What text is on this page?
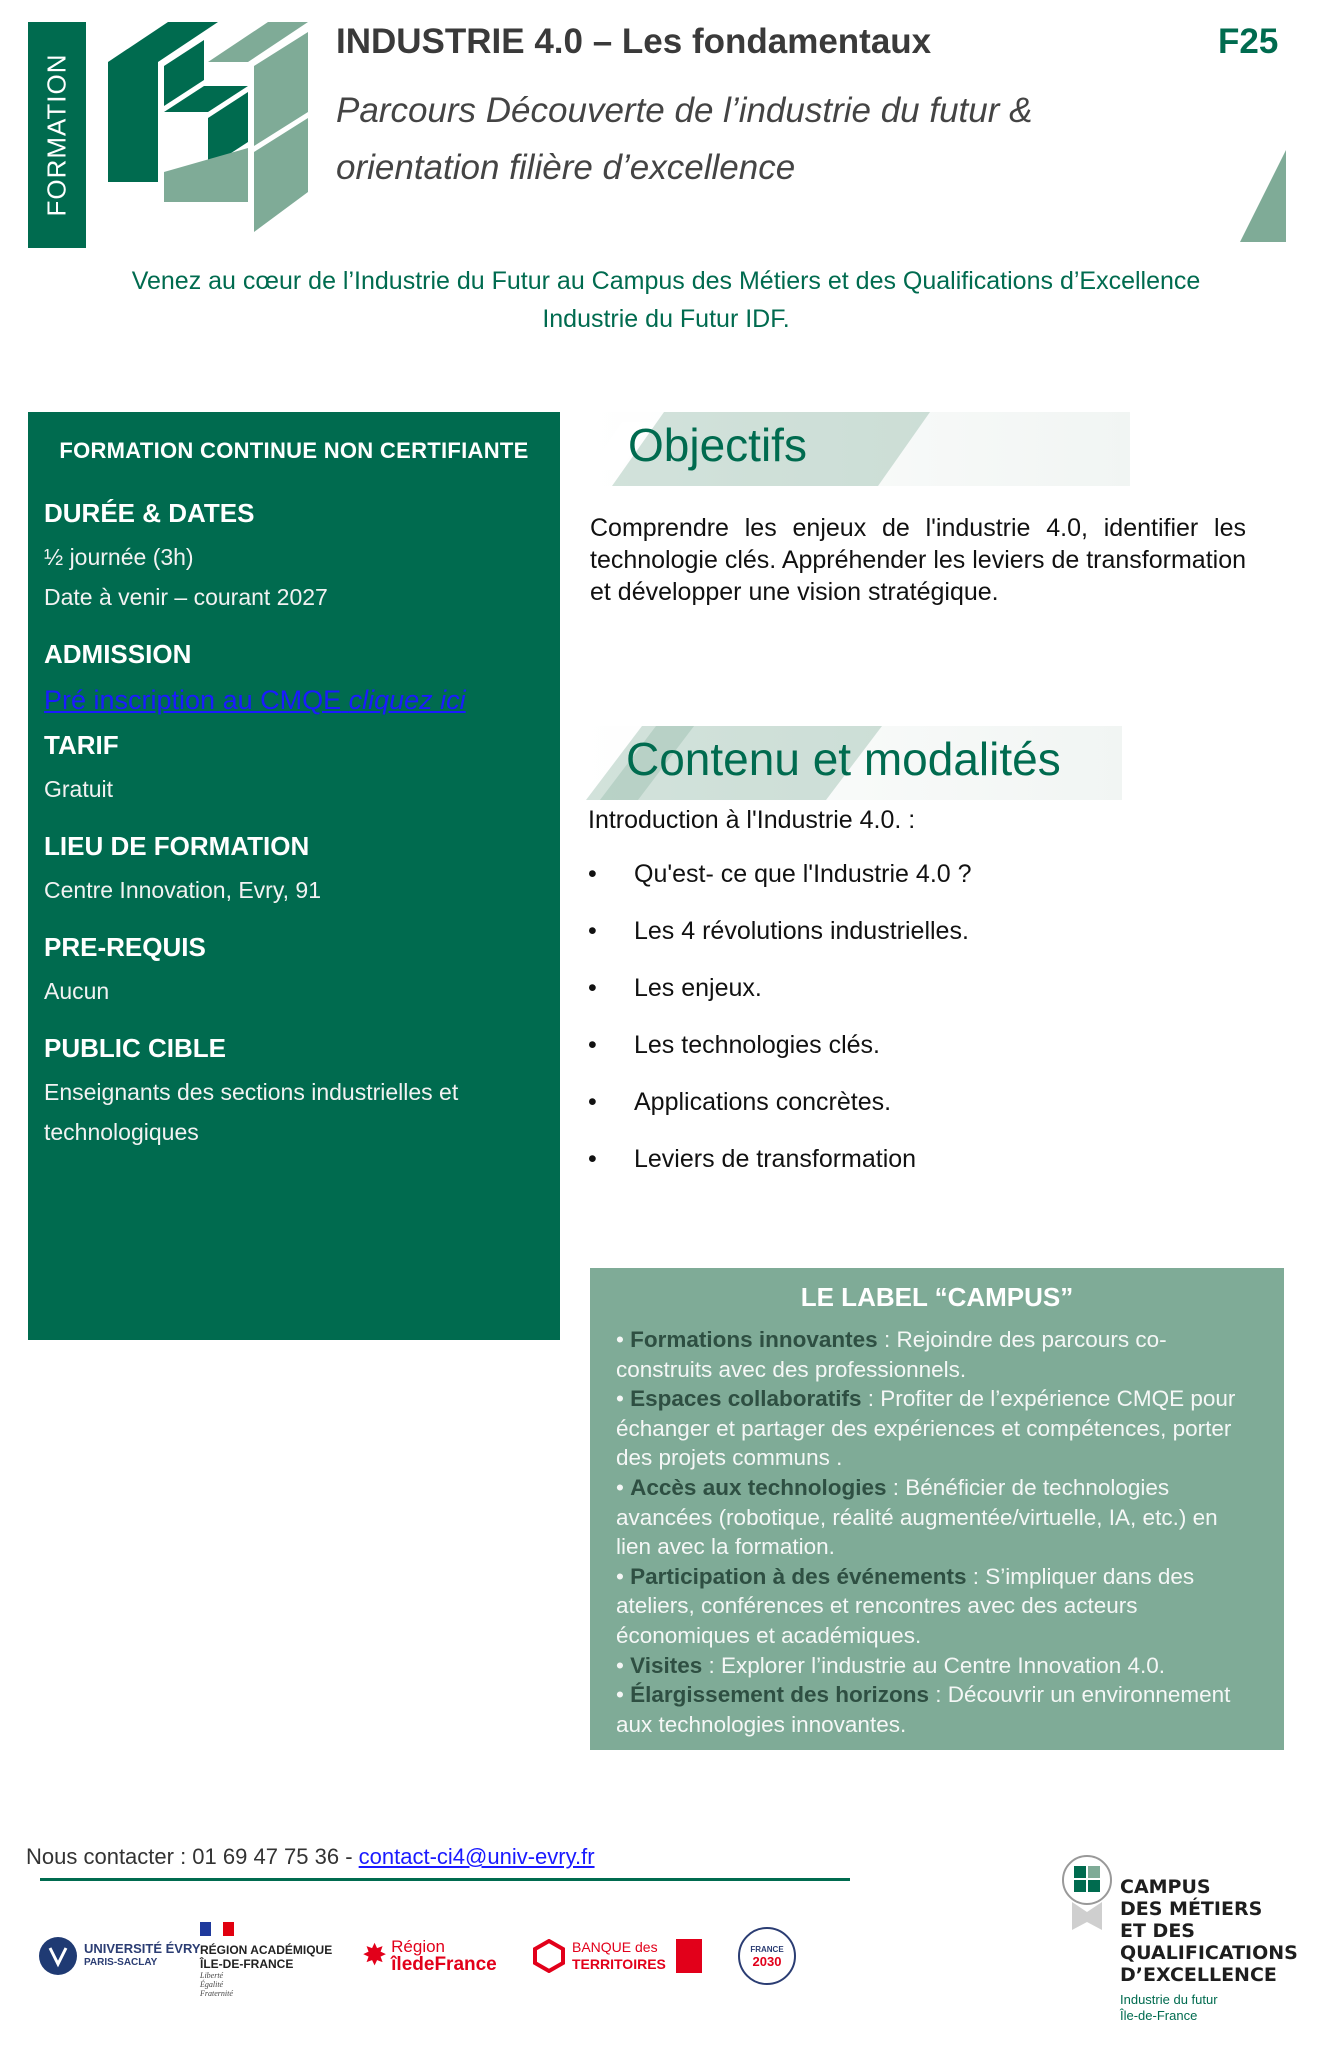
FORMATION
INDUSTRIE 4.0 – Les fondamentaux	F25
Parcours Découverte de l’industrie du futur &
orientation filière d’excellence
Venez au cœur de l’Industrie du Futur au Campus des Métiers et des Qualifications d’Excellence
Industrie du Futur IDF.
FORMATION CONTINUE NON CERTIFIANTE
DURÉE & DATES

½ journée (3h)

Date à venir – courant 2027

ADMISSION
Pré inscription au CMQE cliquez ici
TARIF

Gratuit

LIEU DE FORMATION

Centre Innovation, Evry, 91

PRE-REQUIS

Aucun

PUBLIC CIBLE

Enseignants des sections industrielles et

technologiques

Objectifs
Comprendre les enjeux de l'industrie 4.0, identifier les technologie clés. Appréhender les leviers de transformation et développer une vision stratégique.
Contenu et modalités
Introduction à l'Industrie 4.0. :
• Qu'est- ce que l'Industrie 4.0 ?
• Les 4 révolutions industrielles.
• Les enjeux.
• Les technologies clés.
• Applications concrètes.
• Leviers de transformation
LE LABEL “CAMPUS”
• Formations innovantes : Rejoindre des parcours co-construits avec des professionnels.
• Espaces collaboratifs : Profiter de l’expérience CMQE pour échanger et partager des expériences et compétences, porter des projets communs .
• Accès aux technologies : Bénéficier de technologies avancées (robotique, réalité augmentée/virtuelle, IA, etc.) en lien avec la formation.
• Participation à des événements : S’impliquer dans des ateliers, conférences et rencontres avec des acteurs économiques et académiques.
• Visites : Explorer l’industrie au Centre Innovation 4.0.
• Élargissement des horizons : Découvrir un environnement aux technologies innovantes.
Nous contacter : 01 69 47 75 36 - contact-ci4@univ-evry.fr
UNIVERSITÉ ÉVRY
PARIS-SACLAY
RÉGION ACADÉMIQUE
ÎLE-DE-FRANCE
Liberté
Égalité
Fraternité
✸ Région
îledeFrance
BANQUE des
TERRITOIRES
FRANCE
2030
CAMPUS
DES MÉTIERS
ET DES
QUALIFICATIONS
D’EXCELLENCE
Industrie du futur
Île-de-France
